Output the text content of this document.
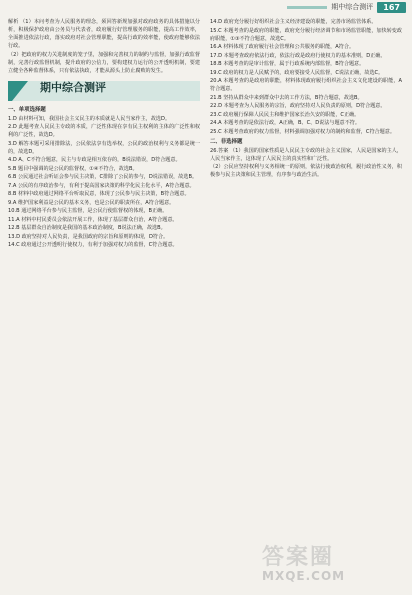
期中综合测评	167

解析 （1）本问考查为人民服务的理念，须回答新规加强对政府政务的具体措施以分析，积极保护政府由公务员与代表者，政府履行好管理服务的职能，提高工作效率，全面推进依法行政，落实政府对社会管理职能，提高行政的效率能，使政府能够依法行政。

（2）把政府的权力关进制度的笼子里，加强和完善权力的制约与监督，加强行政监督制，完善行政监督机制，提升政府的公信力，要构建权力运行的公开透明机制，要建立健全各种监督体系，只有依法执政，才能从源头上防止腐败的发生。

期中综合测评
一、单项选择题

1.D 由材料可知，我国社会主义民主的本质就是人民当家作主，故选D。

2.D 此题考查人民民主专政的本质，广泛性体现在享有民主权利的主体的广泛性和权利的广泛性，故选D。

3.D 解答本题可采用排除法，公民依法享有选举权，公民的政治权利与义务都是统一的，故选D。

4.D A、C不符合题意，民主与专政是相互依存的，B说法错误，D符合题意。

5.B 题目中强调的是公民的监督权，①④不符合，故选B。

6.B 公民通过社会听证会参与民主决策，C排除了公民的参与，D说法错误，故选B。

7.A 公民的有序政治参与，有利于提高国家决策的科学化民主化水平，A符合题意。

8.B 材料中政府通过网络平台听取民意，体现了公民参与民主决策，B符合题意。

9.A 维护国家利益是公民的基本义务，也是公民的职责所在，A符合题意。

10.B 通过网络平台参与民主监督，是公民行使监督权的体现，B正确。

11.A 材料中村民委员会依法开展工作，体现了基层群众自治，A符合题意。

12.B 基层群众自治制度是我国的基本政治制度，B说法正确，故选B。

13.D 政府坚持对人民负责，是我国政府的宗旨和原则的体现，D符合。

14.C 政府通过公开透明行使权力，有利于加强对权力的监督，C符合题意。

14.D 政府充分履行好组织社会主义经济建设的职能，完善市场监管体系。

15.C 本题考查的是政府的职能，政府充分履行经济调节和市场监管职能，加快转变政府职能，①③不符合题意，故选C。

16.A 材料体现了政府履行社会管理和公共服务的职能，A符合。

17.D 本题考查政府依法行政，依法行政是政府行使权力的基本准则，D正确。

18.B 本题考查的是审计监督，属于行政系统内部监督，B符合题意。

19.C 政府的权力是人民赋予的，政府要接受人民监督，C说法正确，故选C。

20.A 本题考查的是政府的职能，材料体现政府履行组织社会主义文化建设的职能，A符合题意。

21.B 坚持从群众中来到群众中去的工作方法，B符合题意，故选B。

22.D 本题考查为人民服务的宗旨，政府坚持对人民负责的原则，D符合题意。

23.C 政府履行保障人民民主和维护国家长治久安的职能，C正确。

24.A 本题考查的是依法行政，A正确，B、C、D说法与题意不符。

25.C 本题考查政府的权力监督，材料强调加强对权力的制约和监督，C符合题意。

二、非选择题

26.答案 （1）我国的国家性质是人民民主专政的社会主义国家，人民是国家的主人，人民当家作主，这体现了人民民主的真实性和广泛性。

（2）公民应坚持权利与义务相统一的原则，依法行使政治权利，履行政治性义务，积极参与民主决策和民主管理，有序参与政治生活。

答案圈
MXQE.COM
